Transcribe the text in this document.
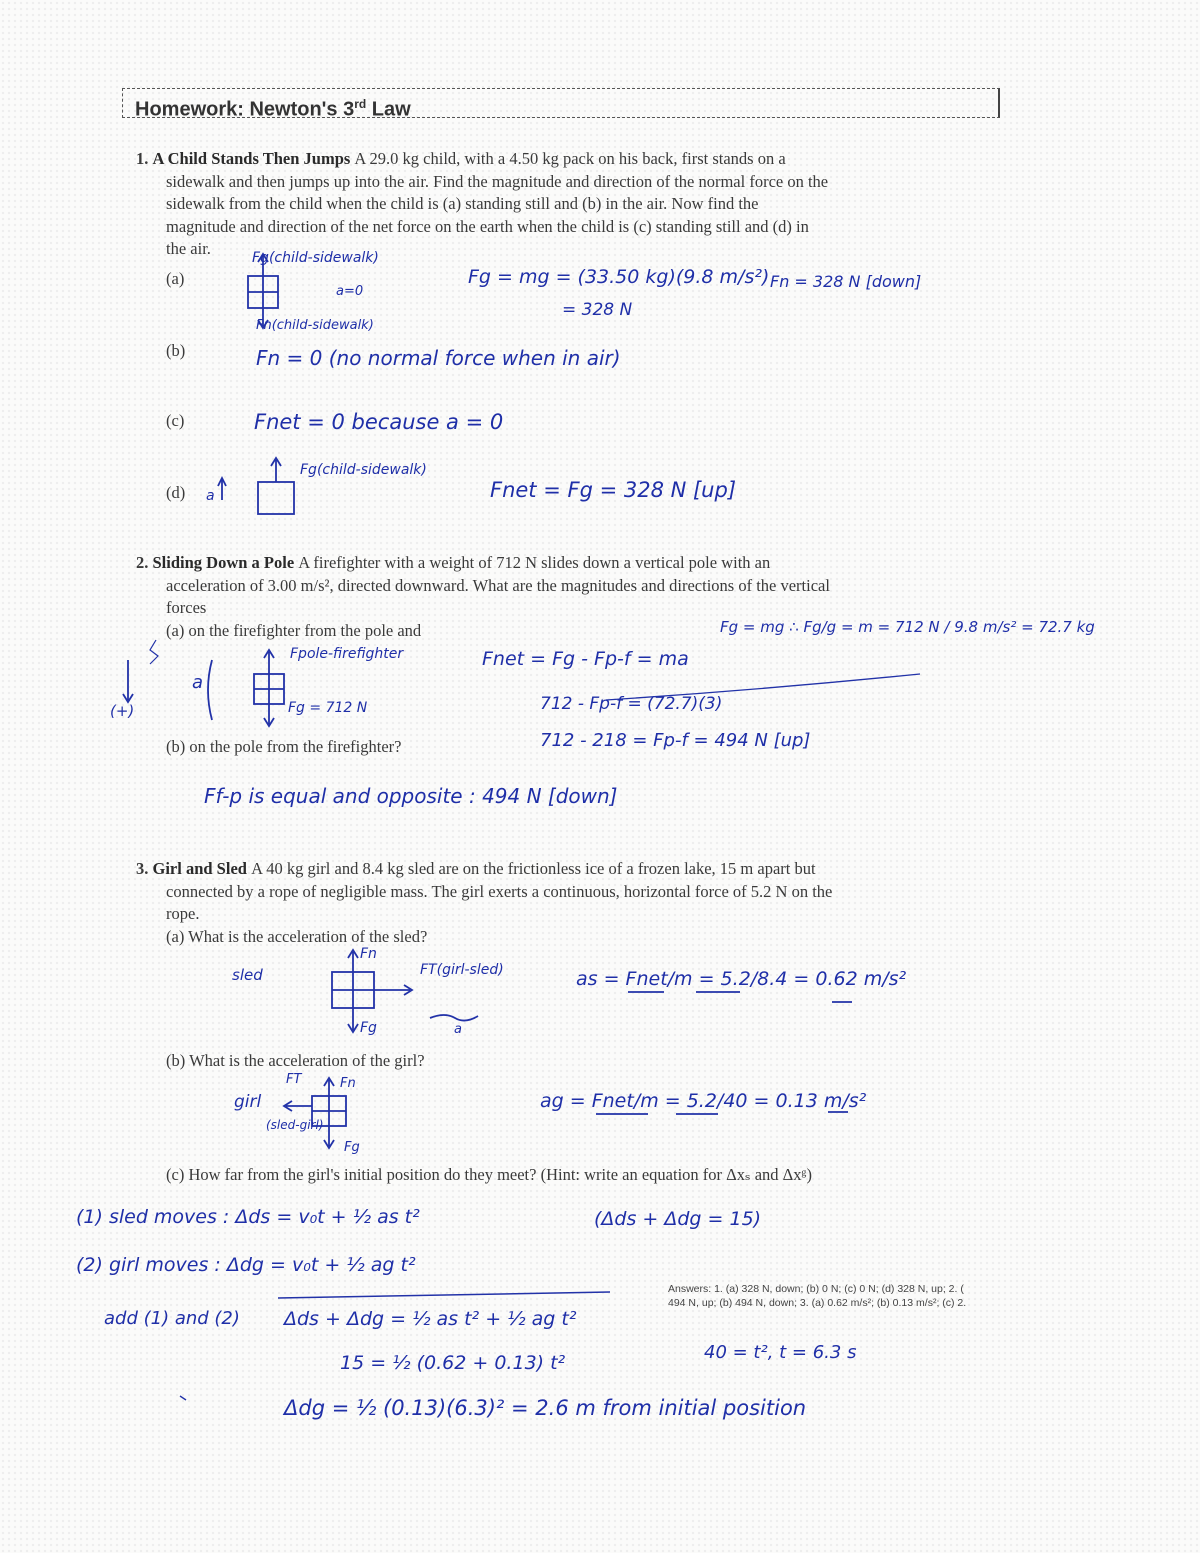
Homework: Newton's 3rd Law
1. A Child Stands Then Jumps A 29.0 kg child, with a 4.50 kg pack on his back, first stands on a
sidewalk and then jumps up into the air. Find the magnitude and direction of the normal force on the
sidewalk from the child when the child is (a) standing still and (b) in the air. Now find the
magnitude and direction of the net force on the earth when the child is (c) standing still and (d) in
the air.
(a)
(b)
(c)
(d)
2. Sliding Down a Pole A firefighter with a weight of 712 N slides down a vertical pole with an
acceleration of 3.00 m/s², directed downward. What are the magnitudes and directions of the vertical
forces
(a) on the firefighter from the pole and
(b) on the pole from the firefighter?
3. Girl and Sled A 40 kg girl and 8.4 kg sled are on the frictionless ice of a frozen lake, 15 m apart but
connected by a rope of negligible mass. The girl exerts a continuous, horizontal force of 5.2 N on the
rope.
(a) What is the acceleration of the sled?
(b) What is the acceleration of the girl?
(c) How far from the girl's initial position do they meet? (Hint: write an equation for Δxₛ and Δxᵍ)
Answers: 1. (a) 328 N, down; (b) 0 N; (c) 0 N; (d) 328 N, up; 2. (
494 N, up; (b) 494 N, down; 3. (a) 0.62 m/s²; (b) 0.13 m/s²; (c) 2.
Fg(child-sidewalk)
a=0
Fn(child-sidewalk)
Fg = mg = (33.50 kg)(9.8 m/s²)
= 328 N
Fn = 328 N [down]
Fn = 0 (no normal force when in air)
Fnet = 0 because a = 0
Fg(child-sidewalk)
a	Fnet = Fg = 328 N [up]
Fg = mg ∴ Fg/g = m = 712 N / 9.8 m/s² = 72.7 kg
Fpole-firefighter
Fg = 712 N
(+)
a
Fnet = Fg - Fp-f = ma
712 - Fp-f = (72.7)(3)
712 - 218 = Fp-f = 494 N [up]
Ff-p is equal and opposite : 494 N [down]
sled
Fn
FT(girl-sled)
Fg	a
as = Fnet/m = 5.2/8.4 = 0.62 m/s²
girl
FT	Fn
(sled-girl)
Fg
ag = Fnet/m = 5.2/40 = 0.13 m/s²
(1) sled moves : Δds = v₀t + ½ as t²	(Δds + Δdg = 15)
(2) girl moves : Δdg = v₀t + ½ ag t²
add (1) and (2) Δds + Δdg = ½ as t² + ½ ag t²
15 = ½ (0.62 + 0.13) t²	40 = t², t = 6.3 s
Δdg = ½ (0.13)(6.3)² = 2.6 m from initial position
